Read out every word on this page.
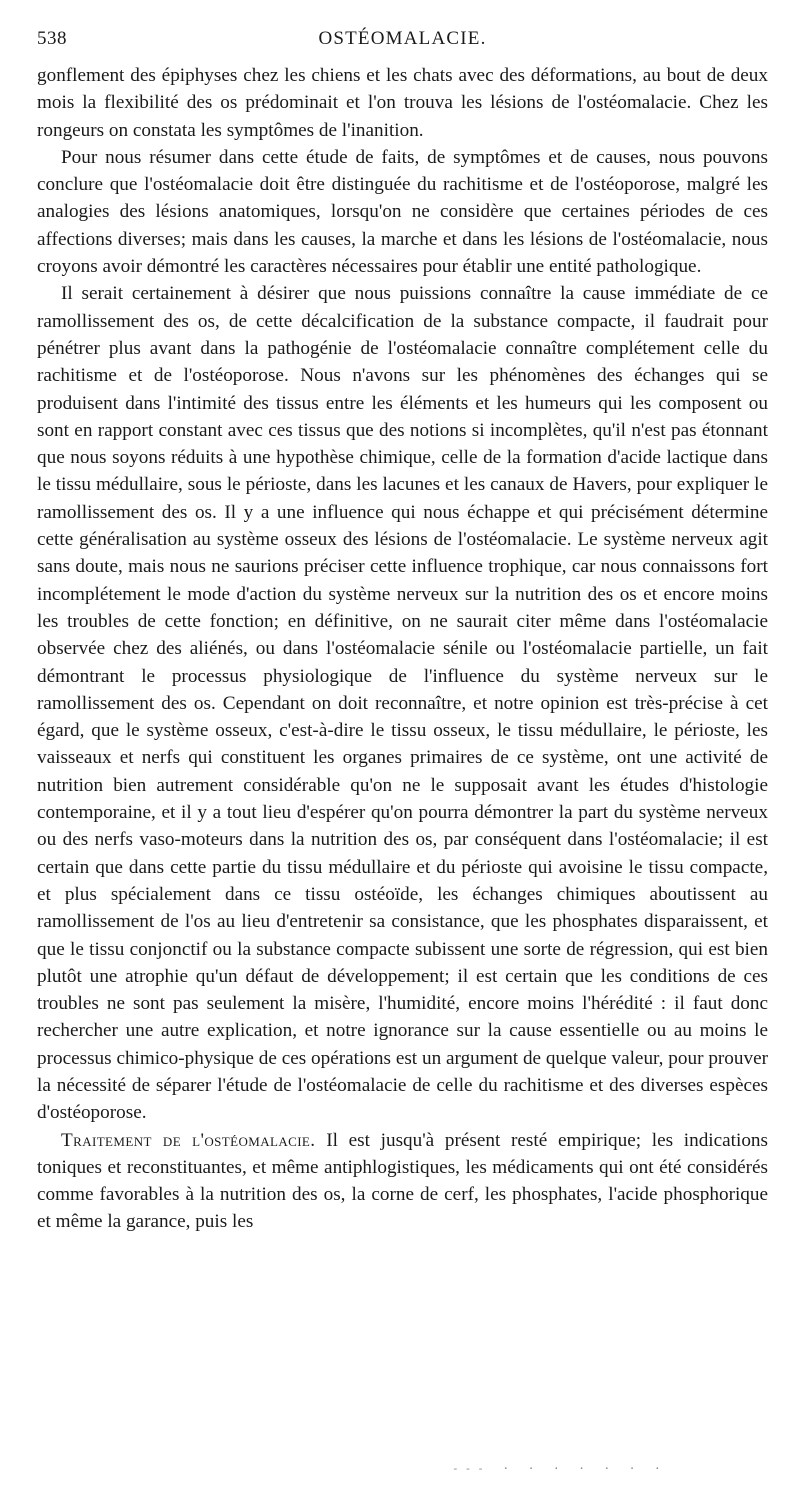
538	OSTÉOMALACIE.

gonflement des épiphyses chez les chiens et les chats avec des déformations, au bout de deux mois la flexibilité des os prédominait et l'on trouva les lésions de l'ostéomalacie. Chez les rongeurs on constata les symptômes de l'inanition.

Pour nous résumer dans cette étude de faits, de symptômes et de causes, nous pouvons conclure que l'ostéomalacie doit être distinguée du rachitisme et de l'ostéoporose, malgré les analogies des lésions anatomiques, lorsqu'on ne considère que certaines périodes de ces affections diverses; mais dans les causes, la marche et dans les lésions de l'ostéomalacie, nous croyons avoir démontré les caractères nécessaires pour établir une entité pathologique.

Il serait certainement à désirer que nous puissions connaître la cause immédiate de ce ramollissement des os, de cette décalcification de la substance compacte, il faudrait pour pénétrer plus avant dans la pathogénie de l'ostéomalacie connaître complétement celle du rachitisme et de l'ostéoporose. Nous n'avons sur les phénomènes des échanges qui se produisent dans l'intimité des tissus entre les éléments et les humeurs qui les composent ou sont en rapport constant avec ces tissus que des notions si incomplètes, qu'il n'est pas étonnant que nous soyons réduits à une hypothèse chimique, celle de la formation d'acide lactique dans le tissu médullaire, sous le périoste, dans les lacunes et les canaux de Havers, pour expliquer le ramollissement des os. Il y a une influence qui nous échappe et qui précisément détermine cette généralisation au système osseux des lésions de l'ostéomalacie. Le système nerveux agit sans doute, mais nous ne saurions préciser cette influence trophique, car nous connaissons fort incomplétement le mode d'action du système nerveux sur la nutrition des os et encore moins les troubles de cette fonction; en définitive, on ne saurait citer même dans l'ostéomalacie observée chez des aliénés, ou dans l'ostéomalacie sénile ou l'ostéomalacie partielle, un fait démontrant le processus physiologique de l'influence du système nerveux sur le ramollissement des os. Cependant on doit reconnaître, et notre opinion est très-précise à cet égard, que le système osseux, c'est-à-dire le tissu osseux, le tissu médullaire, le périoste, les vaisseaux et nerfs qui constituent les organes primaires de ce système, ont une activité de nutrition bien autrement considérable qu'on ne le supposait avant les études d'histologie contemporaine, et il y a tout lieu d'espérer qu'on pourra démontrer la part du système nerveux ou des nerfs vaso-moteurs dans la nutrition des os, par conséquent dans l'ostéomalacie; il est certain que dans cette partie du tissu médullaire et du périoste qui avoisine le tissu compacte, et plus spécialement dans ce tissu ostéoïde, les échanges chimiques aboutissent au ramollissement de l'os au lieu d'entretenir sa consistance, que les phosphates disparaissent, et que le tissu conjonctif ou la substance compacte subissent une sorte de régression, qui est bien plutôt une atrophie qu'un défaut de développement; il est certain que les conditions de ces troubles ne sont pas seulement la misère, l'humidité, encore moins l'hérédité : il faut donc rechercher une autre explication, et notre ignorance sur la cause essentielle ou au moins le processus chimico-physique de ces opérations est un argument de quelque valeur, pour prouver la nécessité de séparer l'étude de l'ostéomalacie de celle du rachitisme et des diverses espèces d'ostéoporose.

Traitement de l'ostéomalacie. Il est jusqu'à présent resté empirique; les indications toniques et reconstituantes, et même antiphlogistiques, les médicaments qui ont été considérés comme favorables à la nutrition des os, la corne de cerf, les phosphates, l'acide phosphorique et même la garance, puis les

--- · · · · · · ·
